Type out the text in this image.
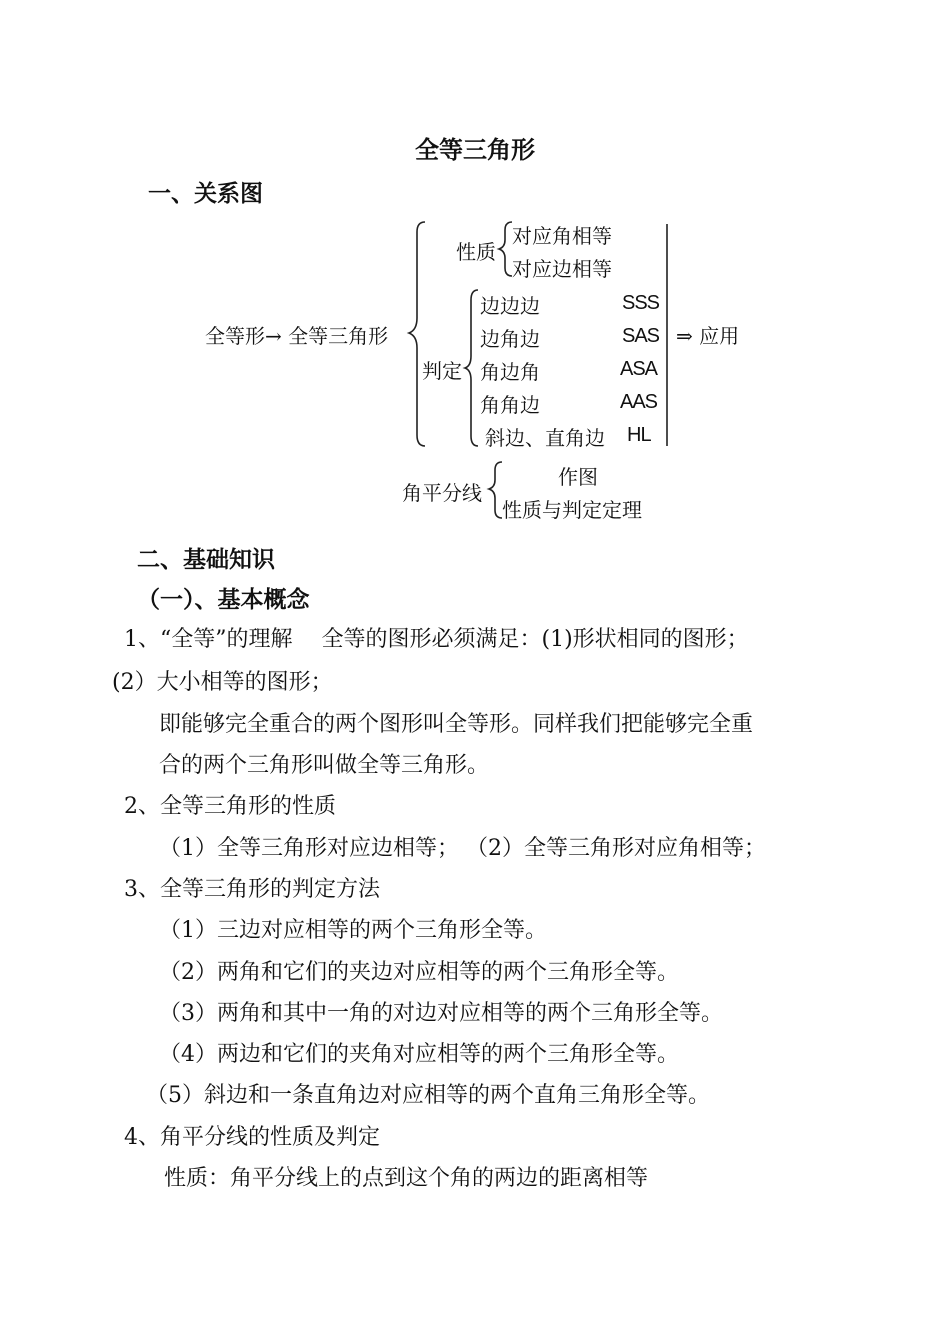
全等三角形
一、关系图
全等形→ 全等三角形
性质
对应角相等
对应边相等
判定
边边边	SSS
边角边	SAS
角边角	ASA
角角边	AAS
斜边、直角边 HL
⇒ 应用
角平分线
作图
性质与判定定理
二、基础知识
（一）、基本概念
1、“全等”的理解　 全等的图形必须满足：(1)形状相同的图形；
(2）大小相等的图形；
即能够完全重合的两个图形叫全等形。同样我们把能够完全重
合的两个三角形叫做全等三角形。
2、全等三角形的性质
（1）全等三角形对应边相等； （2）全等三角形对应角相等；
3、全等三角形的判定方法
（1）三边对应相等的两个三角形全等。
（2）两角和它们的夹边对应相等的两个三角形全等。
（3）两角和其中一角的对边对应相等的两个三角形全等。
（4）两边和它们的夹角对应相等的两个三角形全等。
（5）斜边和一条直角边对应相等的两个直角三角形全等。
4、角平分线的性质及判定
性质：角平分线上的点到这个角的两边的距离相等
